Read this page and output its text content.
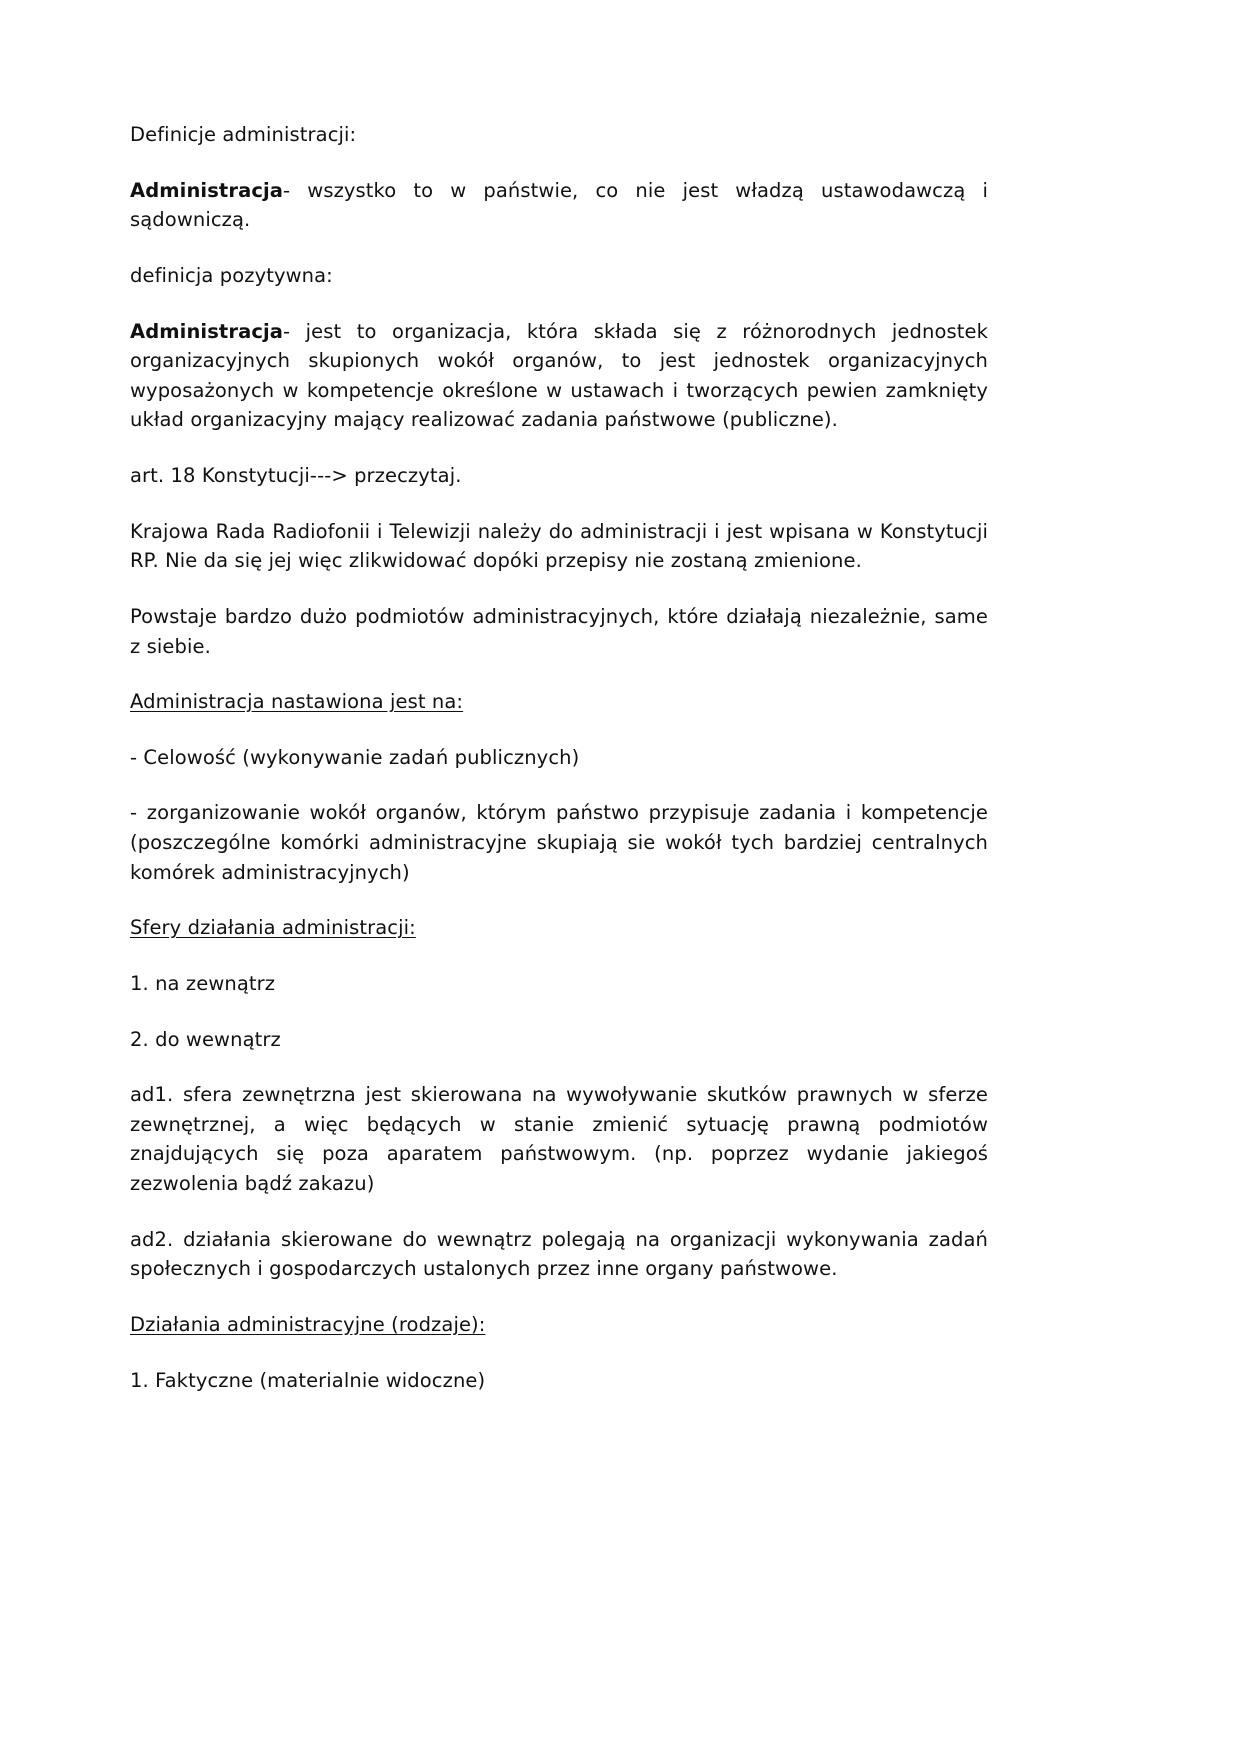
Definicje administracji:

Administracja- wszystko to w państwie, co nie jest władzą ustawodawczą i sądowniczą.

definicja pozytywna:

Administracja- jest to organizacja, która składa się z różnorodnych jednostek organizacyjnych skupionych wokół organów, to jest jednostek organizacyjnych wyposażonych w kompetencje określone w ustawach i tworzących pewien zamknięty układ organizacyjny mający realizować zadania państwowe (publiczne).

art. 18 Konstytucji---> przeczytaj.

Krajowa Rada Radiofonii i Telewizji należy do administracji i jest wpisana w Konstytucji RP. Nie da się jej więc zlikwidować dopóki przepisy nie zostaną zmienione.

Powstaje bardzo dużo podmiotów administracyjnych, które działają niezależnie, same z siebie.

Administracja nastawiona jest na:

- Celowość (wykonywanie zadań publicznych)

- zorganizowanie wokół organów, którym państwo przypisuje zadania i kompetencje (poszczególne komórki administracyjne skupiają sie wokół tych bardziej centralnych komórek administracyjnych)

Sfery działania administracji:

1. na zewnątrz

2. do wewnątrz

ad1. sfera zewnętrzna jest skierowana na wywoływanie skutków prawnych w sferze zewnętrznej, a więc będących w stanie zmienić sytuację prawną podmiotów znajdujących się poza aparatem państwowym. (np. poprzez wydanie jakiegoś zezwolenia bądź zakazu)

ad2. działania skierowane do wewnątrz polegają na organizacji wykonywania zadań społecznych i gospodarczych ustalonych przez inne organy państwowe.

Działania administracyjne (rodzaje):

1. Faktyczne (materialnie widoczne)
